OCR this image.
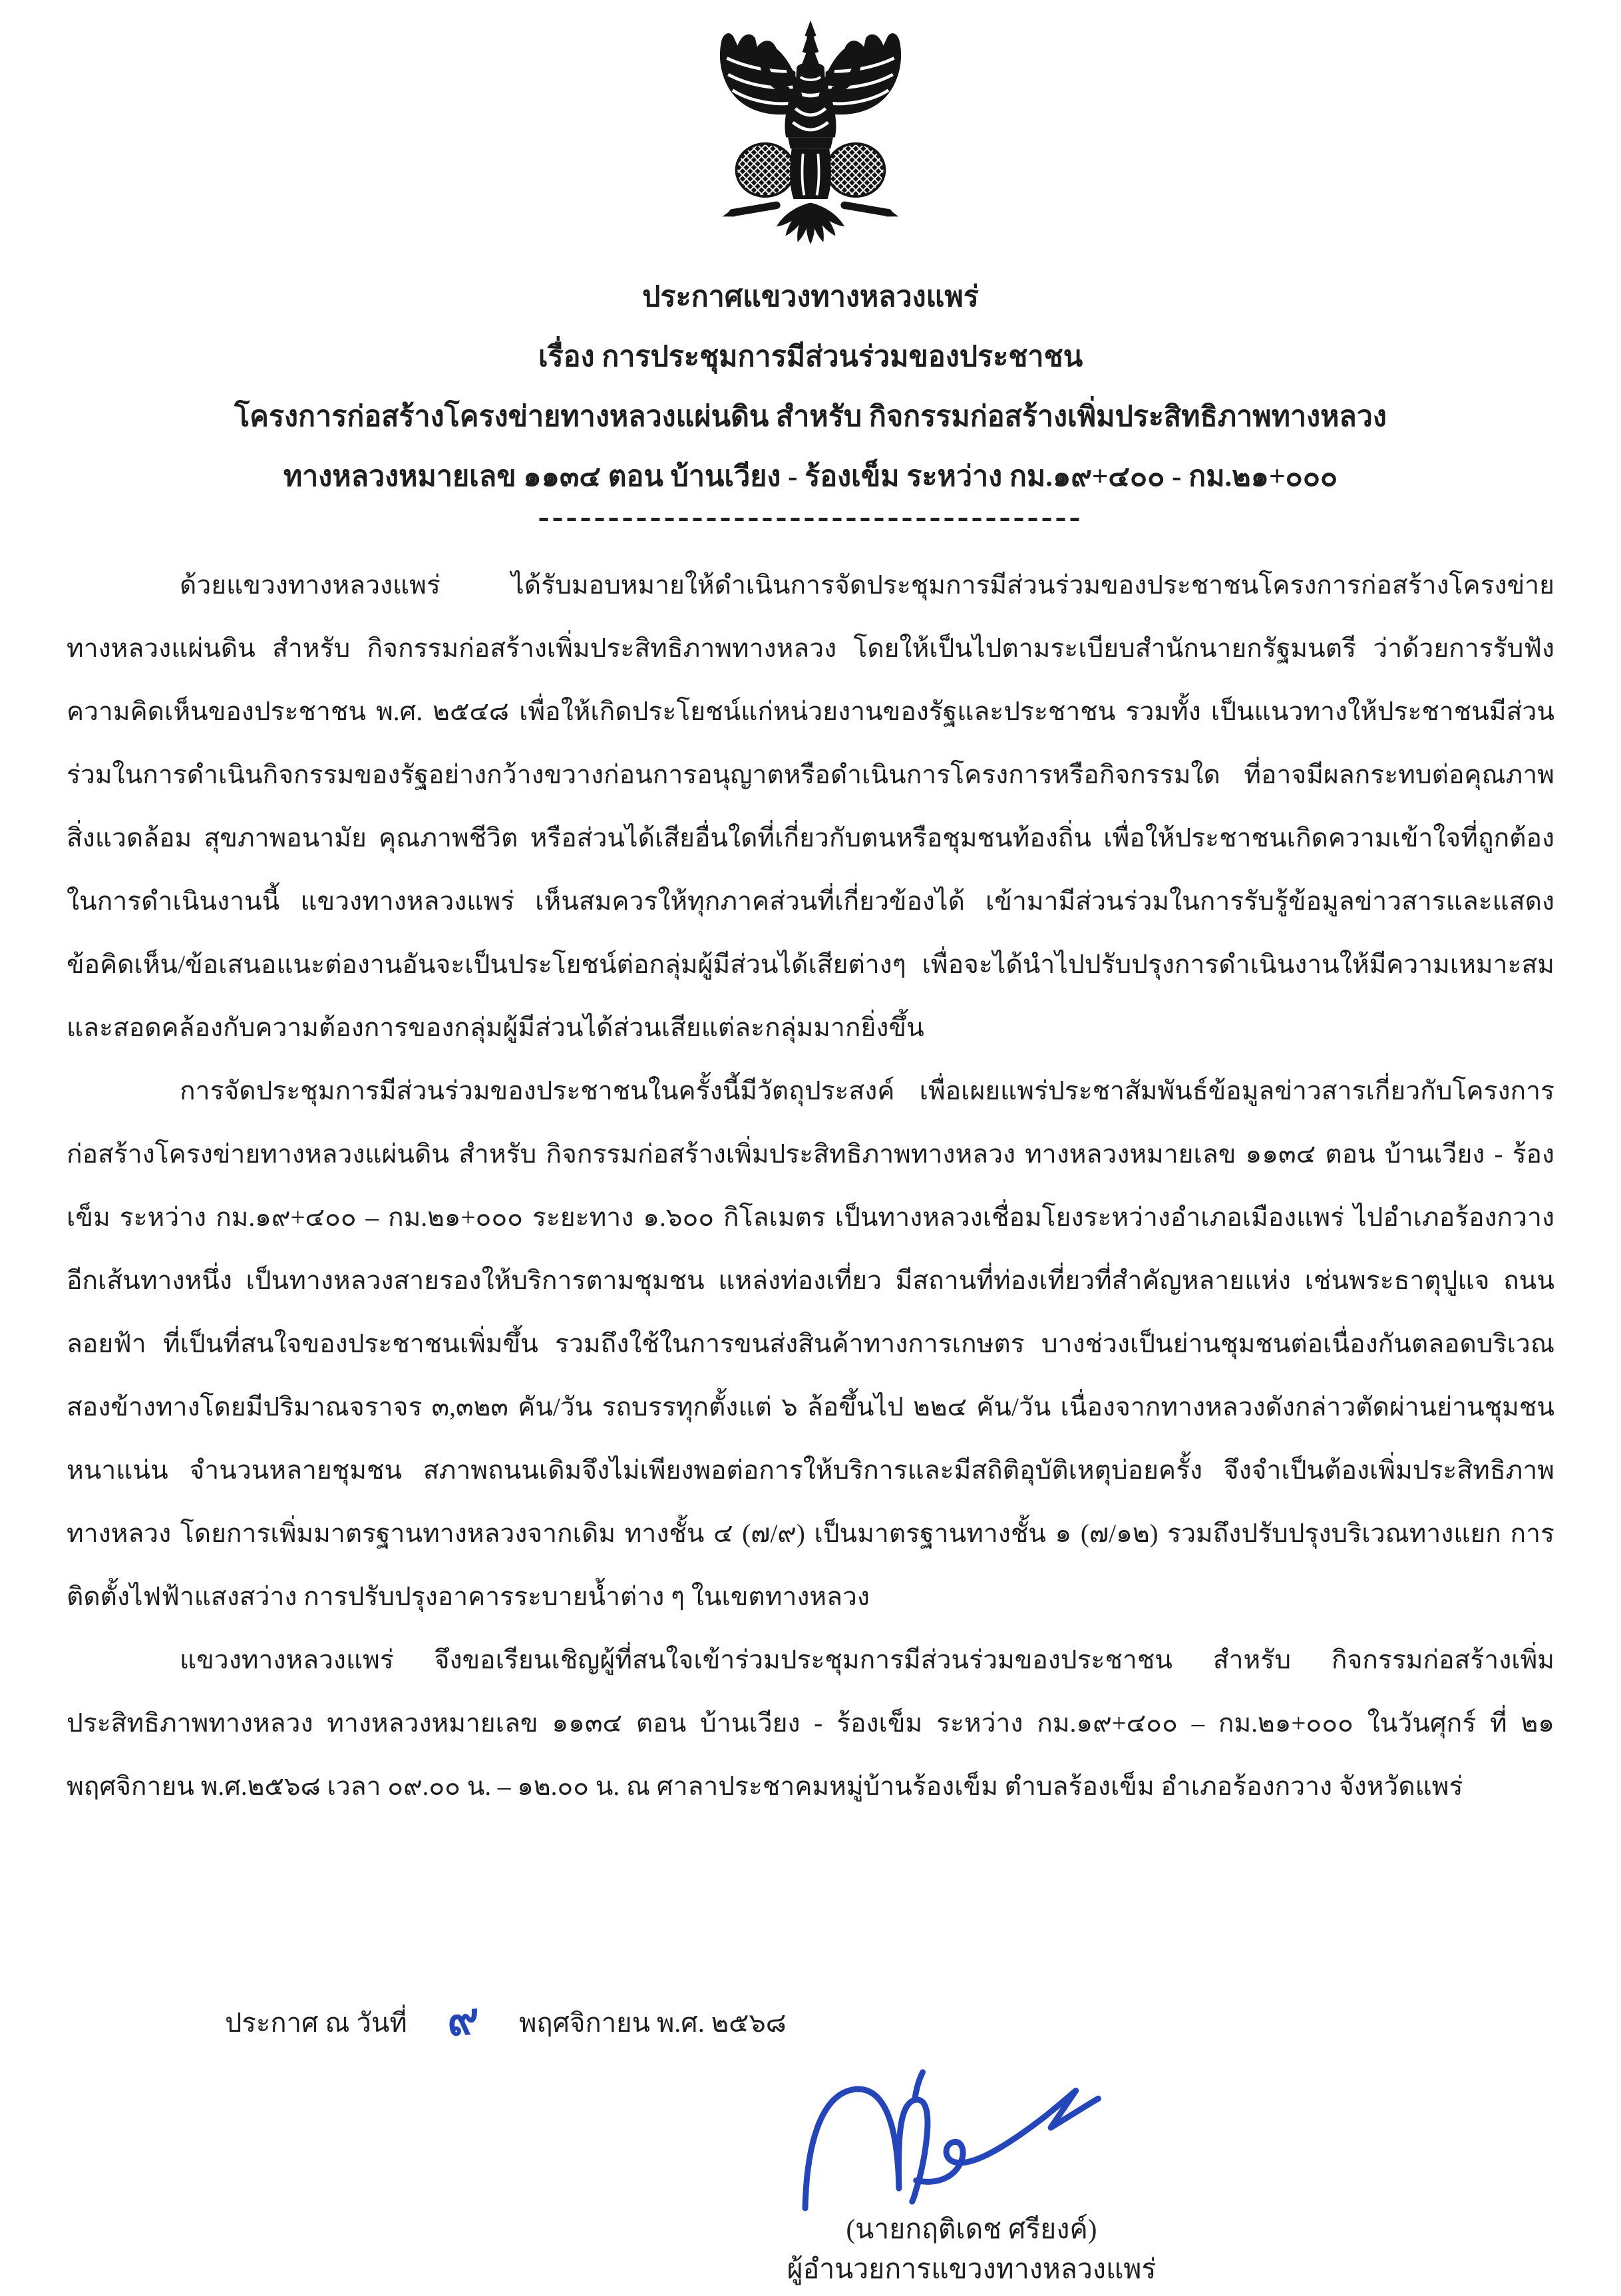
ประกาศแขวงทางหลวงแพร่
เรื่อง การประชุมการมีส่วนร่วมของประชาชน
โครงการก่อสร้างโครงข่ายทางหลวงแผ่นดิน สำหรับ กิจกรรมก่อสร้างเพิ่มประสิทธิภาพทางหลวง
ทางหลวงหมายเลข ๑๑๓๔ ตอน บ้านเวียง - ร้องเข็ม ระหว่าง กม.๑๙+๔๐๐ - กม.๒๑+๐๐๐

ด้วยแขวงทางหลวงแพร่ ได้รับมอบหมายให้ดำเนินการจัดประชุมการมีส่วนร่วมของประชาชนโครงการก่อสร้างโครงข่ายทางหลวงแผ่นดิน สำหรับ กิจกรรมก่อสร้างเพิ่มประสิทธิภาพทางหลวง โดยให้เป็นไปตามระเบียบสำนักนายกรัฐมนตรี ว่าด้วยการรับฟังความคิดเห็นของประชาชน พ.ศ. ๒๕๔๘ เพื่อให้เกิดประโยชน์แก่หน่วยงานของรัฐและประชาชน รวมทั้ง เป็นแนวทางให้ประชาชนมีส่วนร่วมในการดำเนินกิจกรรมของรัฐอย่างกว้างขวางก่อนการอนุญาตหรือดำเนินการโครงการหรือกิจกรรมใด ที่อาจมีผลกระทบต่อคุณภาพสิ่งแวดล้อม สุขภาพอนามัย คุณภาพชีวิต หรือส่วนได้เสียอื่นใดที่เกี่ยวกับตนหรือชุมชนท้องถิ่น เพื่อให้ประชาชนเกิดความเข้าใจที่ถูกต้องในการดำเนินงานนี้ แขวงทางหลวงแพร่ เห็นสมควรให้ทุกภาคส่วนที่เกี่ยวข้องได้ เข้ามามีส่วนร่วมในการรับรู้ข้อมูลข่าวสารและแสดงข้อคิดเห็น/ข้อเสนอแนะต่องานอันจะเป็นประโยชน์ต่อกลุ่มผู้มีส่วนได้เสียต่างๆ เพื่อจะได้นำไปปรับปรุงการดำเนินงานให้มีความเหมาะสมและสอดคล้องกับความต้องการของกลุ่มผู้มีส่วนได้ส่วนเสียแต่ละกลุ่มมากยิ่งขึ้น

การจัดประชุมการมีส่วนร่วมของประชาชนในครั้งนี้มีวัตถุประสงค์ เพื่อเผยแพร่ประชาสัมพันธ์ข้อมูลข่าวสารเกี่ยวกับโครงการก่อสร้างโครงข่ายทางหลวงแผ่นดิน สำหรับ กิจกรรมก่อสร้างเพิ่มประสิทธิภาพทางหลวง ทางหลวงหมายเลข ๑๑๓๔ ตอน บ้านเวียง - ร้องเข็ม ระหว่าง กม.๑๙+๔๐๐ – กม.๒๑+๐๐๐ ระยะทาง ๑.๖๐๐ กิโลเมตร เป็นทางหลวงเชื่อมโยงระหว่างอำเภอเมืองแพร่ ไปอำเภอร้องกวางอีกเส้นทางหนึ่ง เป็นทางหลวงสายรองให้บริการตามชุมชน แหล่งท่องเที่ยว มีสถานที่ท่องเที่ยวที่สำคัญหลายแห่ง เช่นพระธาตุปูแจ ถนนลอยฟ้า ที่เป็นที่สนใจของประชาชนเพิ่มขึ้น รวมถึงใช้ในการขนส่งสินค้าทางการเกษตร บางช่วงเป็นย่านชุมชนต่อเนื่องกันตลอดบริเวณสองข้างทางโดยมีปริมาณจราจร ๓,๓๒๓ คัน/วัน รถบรรทุกตั้งแต่ ๖ ล้อขึ้นไป ๒๒๔ คัน/วัน เนื่องจากทางหลวงดังกล่าวตัดผ่านย่านชุมชนหนาแน่น จำนวนหลายชุมชน สภาพถนนเดิมจึงไม่เพียงพอต่อการให้บริการและมีสถิติอุบัติเหตุบ่อยครั้ง จึงจำเป็นต้องเพิ่มประสิทธิภาพทางหลวง โดยการเพิ่มมาตรฐานทางหลวงจากเดิม ทางชั้น ๔ (๗/๙) เป็นมาตรฐานทางชั้น ๑ (๗/๑๒) รวมถึงปรับปรุงบริเวณทางแยก การติดตั้งไฟฟ้าแสงสว่าง การปรับปรุงอาคารระบายน้ำต่าง ๆ ในเขตทางหลวง

แขวงทางหลวงแพร่ จึงขอเรียนเชิญผู้ที่สนใจเข้าร่วมประชุมการมีส่วนร่วมของประชาชน สำหรับ กิจกรรมก่อสร้างเพิ่มประสิทธิภาพทางหลวง ทางหลวงหมายเลข ๑๑๓๔ ตอน บ้านเวียง - ร้องเข็ม ระหว่าง กม.๑๙+๔๐๐ – กม.๒๑+๐๐๐ ในวันศุกร์ ที่ ๒๑ พฤศจิกายน พ.ศ.๒๕๖๘ เวลา ๐๙.๐๐ น. – ๑๒.๐๐ น. ณ ศาลาประชาคมหมู่บ้านร้องเข็ม ตำบลร้องเข็ม อำเภอร้องกวาง จังหวัดแพร่

ประกาศ ณ วันที่ ๙ พฤศจิกายน พ.ศ. ๒๕๖๘
(นายกฤติเดช ศรียงค์)
ผู้อำนวยการแขวงทางหลวงแพร่
